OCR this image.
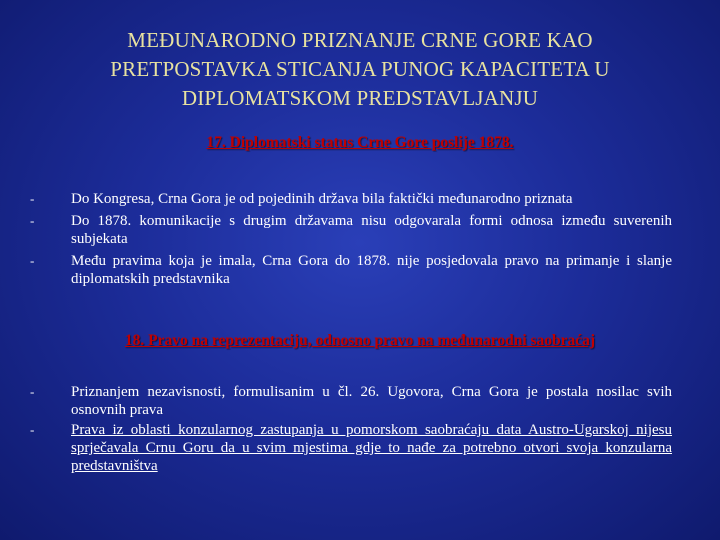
MEĐUNARODNO PRIZNANJE CRNE GORE KAO
PRETPOSTAVKA STICANJA PUNOG KAPACITETA U
DIPLOMATSKOM PREDSTAVLJANJU
17. Diplomatski status Crne Gore poslije 1878.
- Do Kongresa, Crna Gora je od pojedinih država bila faktički međunarodno priznata
- Do 1878. komunikacije s drugim državama nisu odgovarala formi odnosa između suverenih subjekata
- Među pravima koja je imala, Crna Gora do 1878. nije posjedovala pravo na primanje i slanje diplomatskih predstavnika
18. Pravo na reprezentaciju, odnosno pravo na međunarodni saobraćaj
- Priznanjem nezavisnosti, formulisanim u čl. 26. Ugovora, Crna Gora je postala nosilac svih osnovnih prava
- Prava iz oblasti konzularnog zastupanja u pomorskom saobraćaju data Austro-Ugarskoj nijesu sprječavala Crnu Goru da u svim mjestima gdje to nađe za potrebno otvori svoja konzularna predstavništva
